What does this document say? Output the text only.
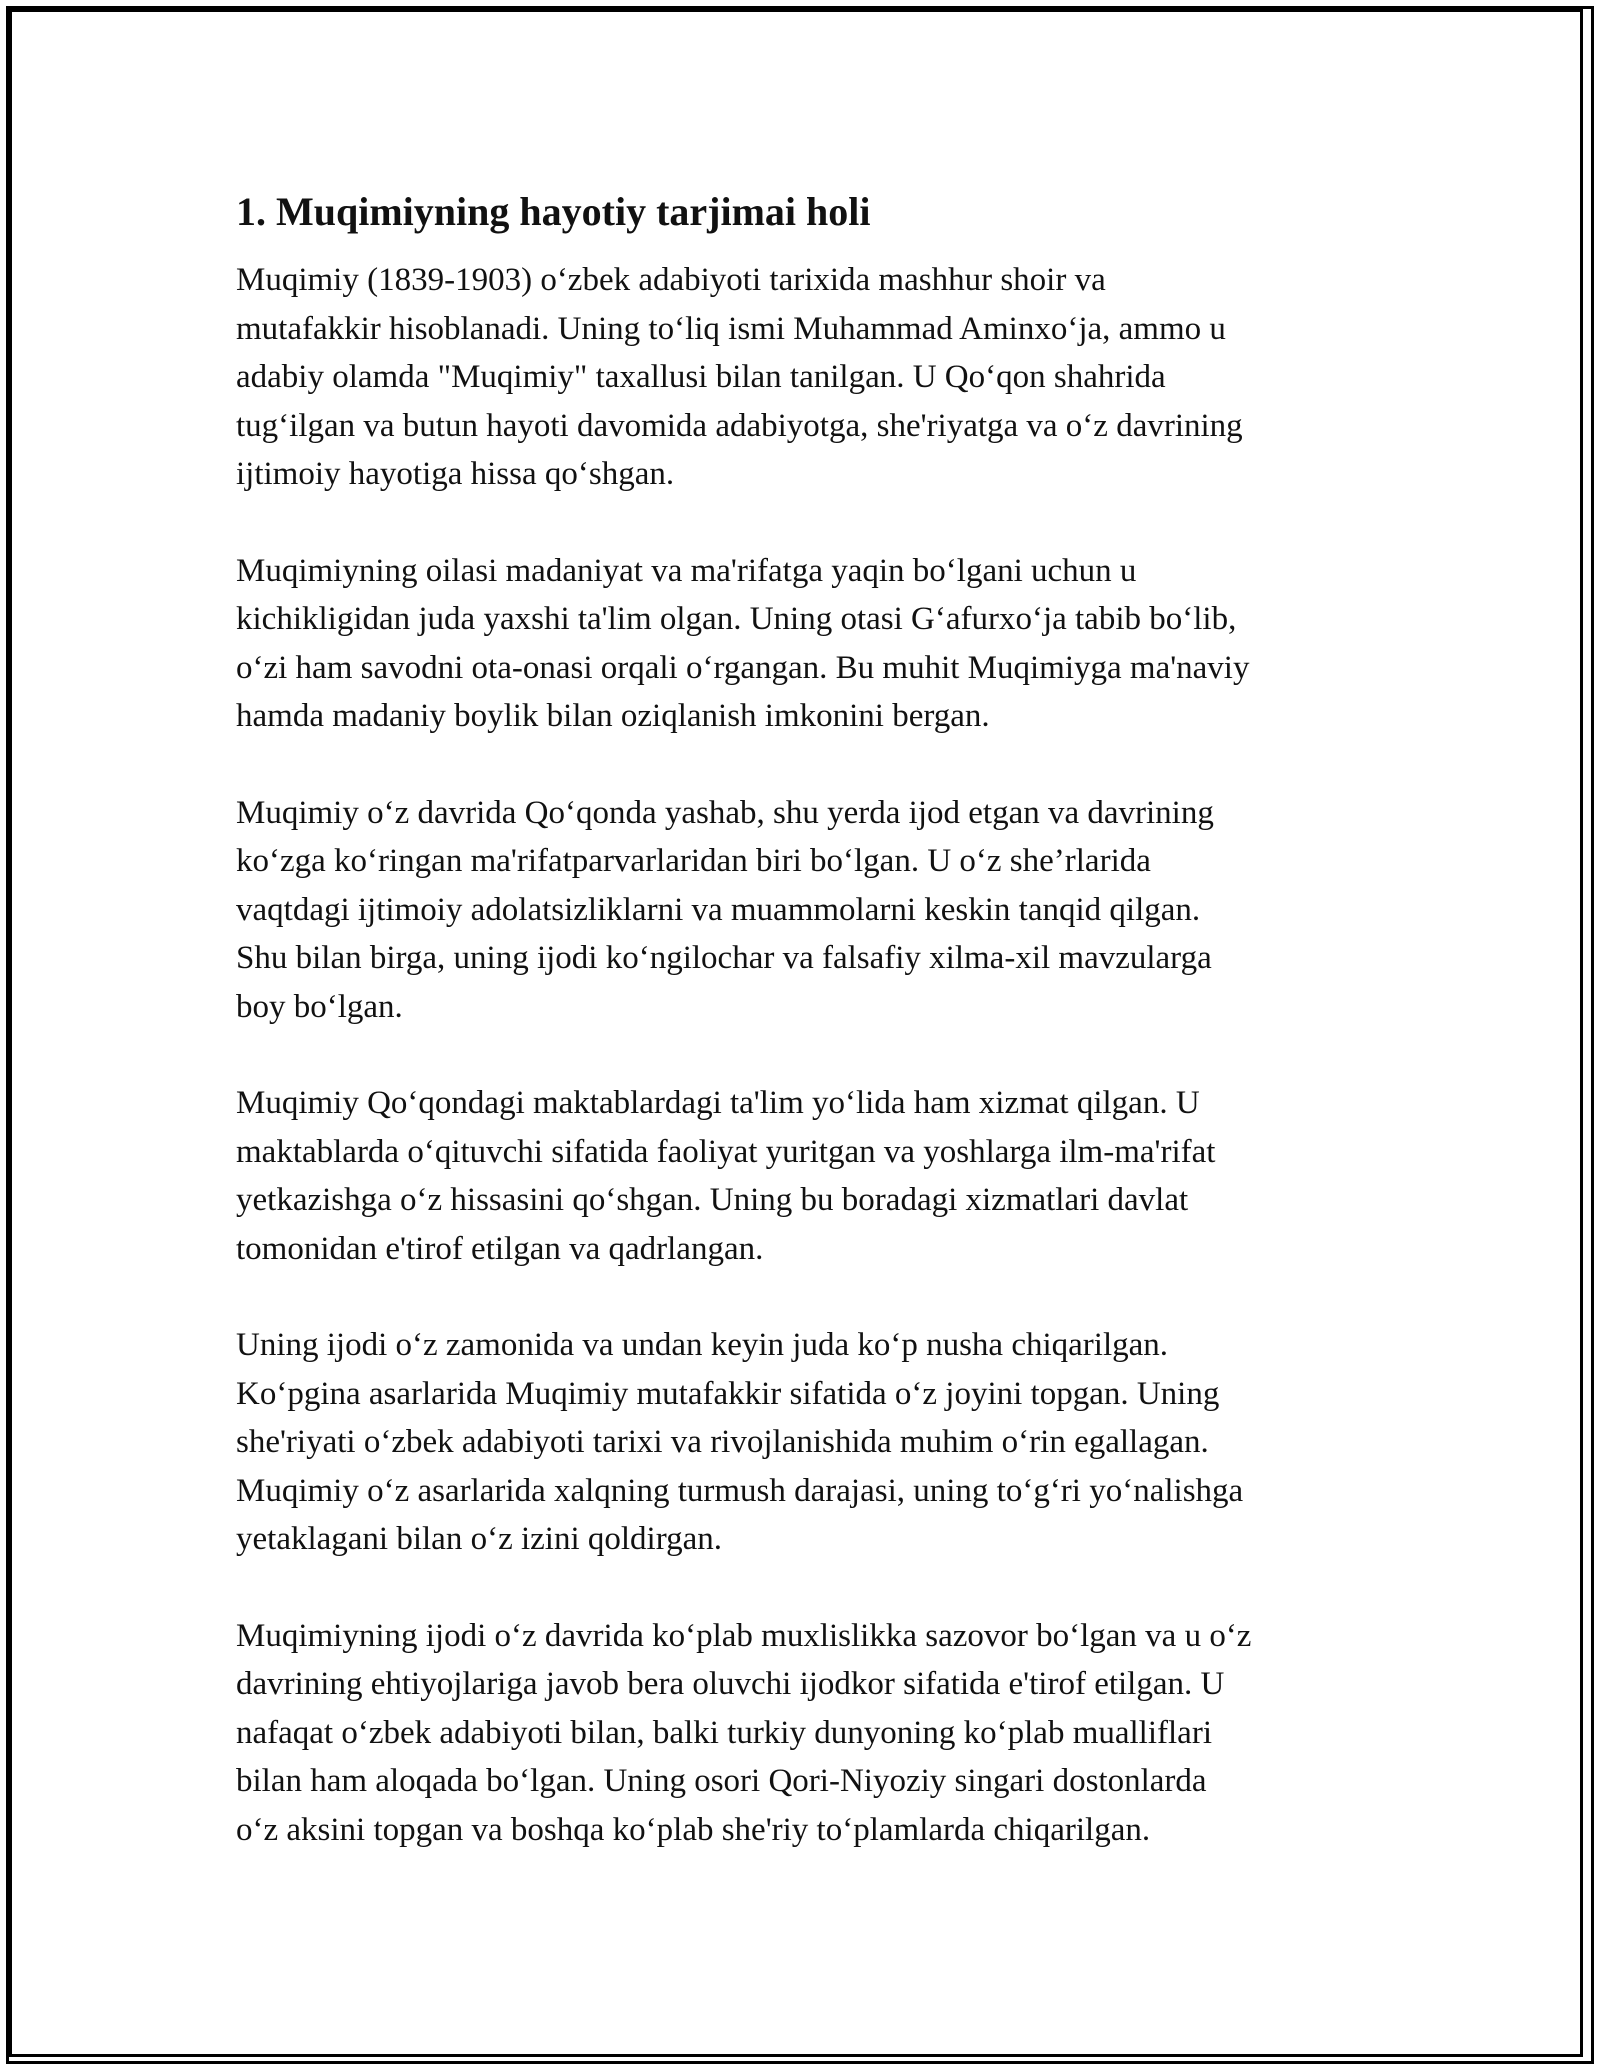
1. Muqimiyning hayotiy tarjimai holi
Muqimiy (1839-1903) o‘zbek adabiyoti tarixida mashhur shoir va
mutafakkir hisoblanadi. Uning to‘liq ismi Muhammad Aminxo‘ja, ammo u
adabiy olamda "Muqimiy" taxallusi bilan tanilgan. U Qo‘qon shahrida
tug‘ilgan va butun hayoti davomida adabiyotga, she'riyatga va o‘z davrining
ijtimoiy hayotiga hissa qo‘shgan.
Muqimiyning oilasi madaniyat va ma'rifatga yaqin bo‘lgani uchun u
kichikligidan juda yaxshi ta'lim olgan. Uning otasi G‘afurxo‘ja tabib bo‘lib,
o‘zi ham savodni ota-onasi orqali o‘rgangan. Bu muhit Muqimiyga ma'naviy
hamda madaniy boylik bilan oziqlanish imkonini bergan.
Muqimiy o‘z davrida Qo‘qonda yashab, shu yerda ijod etgan va davrining
ko‘zga ko‘ringan ma'rifatparvarlaridan biri bo‘lgan. U o‘z she’rlarida
vaqtdagi ijtimoiy adolatsizliklarni va muammolarni keskin tanqid qilgan.
Shu bilan birga, uning ijodi ko‘ngilochar va falsafiy xilma-xil mavzularga
boy bo‘lgan.
Muqimiy Qo‘qondagi maktablardagi ta'lim yo‘lida ham xizmat qilgan. U
maktablarda o‘qituvchi sifatida faoliyat yuritgan va yoshlarga ilm-ma'rifat
yetkazishga o‘z hissasini qo‘shgan. Uning bu boradagi xizmatlari davlat
tomonidan e'tirof etilgan va qadrlangan.
Uning ijodi o‘z zamonida va undan keyin juda ko‘p nusha chiqarilgan.
Ko‘pgina asarlarida Muqimiy mutafakkir sifatida o‘z joyini topgan. Uning
she'riyati o‘zbek adabiyoti tarixi va rivojlanishida muhim o‘rin egallagan.
Muqimiy o‘z asarlarida xalqning turmush darajasi, uning to‘g‘ri yo‘nalishga
yetaklagani bilan o‘z izini qoldirgan.
Muqimiyning ijodi o‘z davrida ko‘plab muxlislikka sazovor bo‘lgan va u o‘z
davrining ehtiyojlariga javob bera oluvchi ijodkor sifatida e'tirof etilgan. U
nafaqat o‘zbek adabiyoti bilan, balki turkiy dunyoning ko‘plab mualliflari
bilan ham aloqada bo‘lgan. Uning osori Qori-Niyoziy singari dostonlarda
o‘z aksini topgan va boshqa ko‘plab she'riy to‘plamlarda chiqarilgan.
